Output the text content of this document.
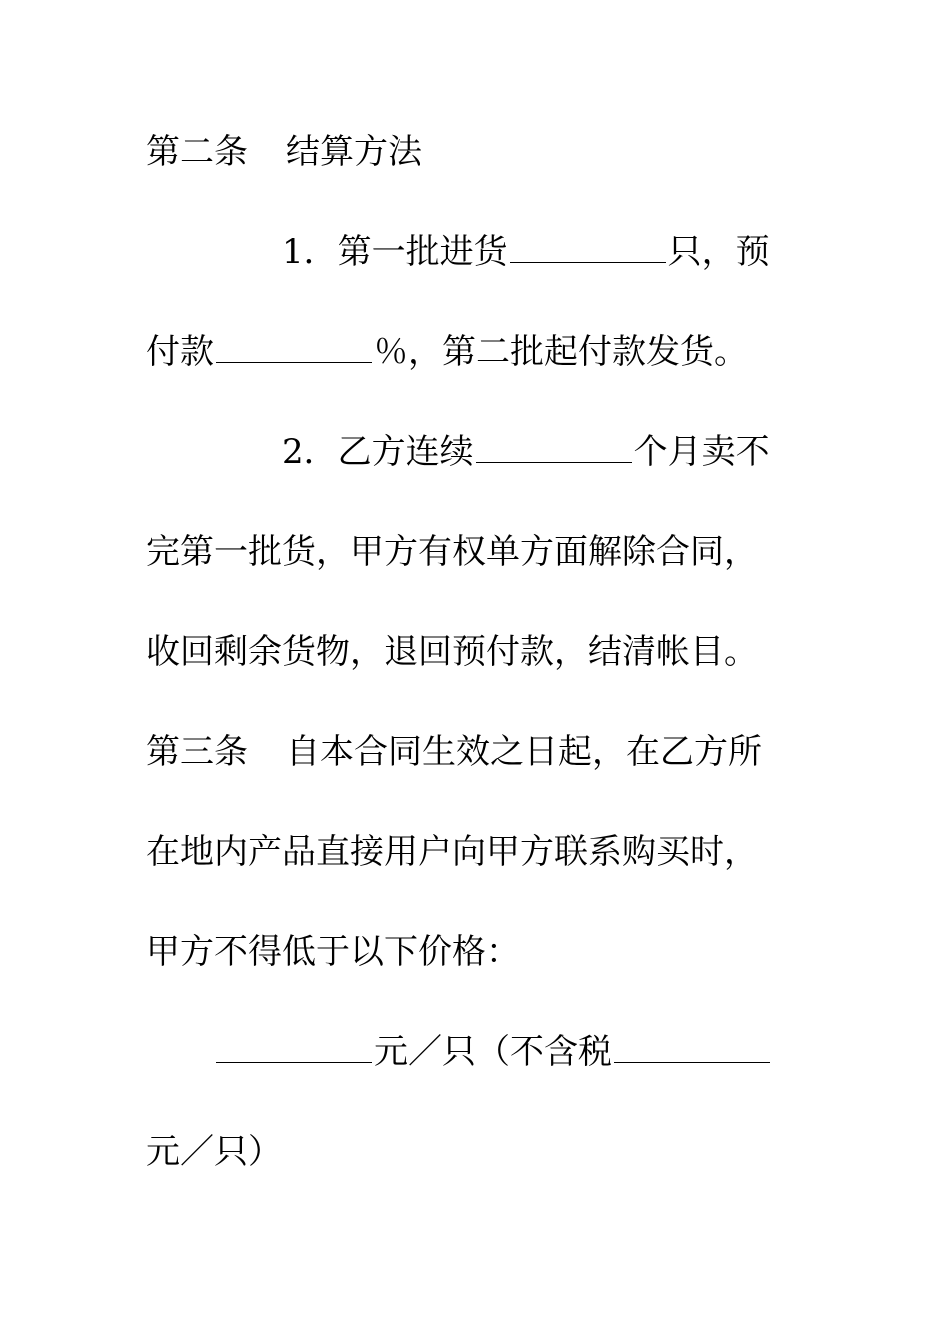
第二条 结算方法
1．第一批进货	只，预
付款	％，第二批起付款发货。
2．乙方连续	个月卖不
完第一批货，甲方有权单方面解除合同，
收回剩余货物，退回预付款，结清帐目。
第三条 自本合同生效之日起，在乙方所
在地内产品直接用户向甲方联系购买时，
甲方不得低于以下价格：
元／只（不含税
元／只）
